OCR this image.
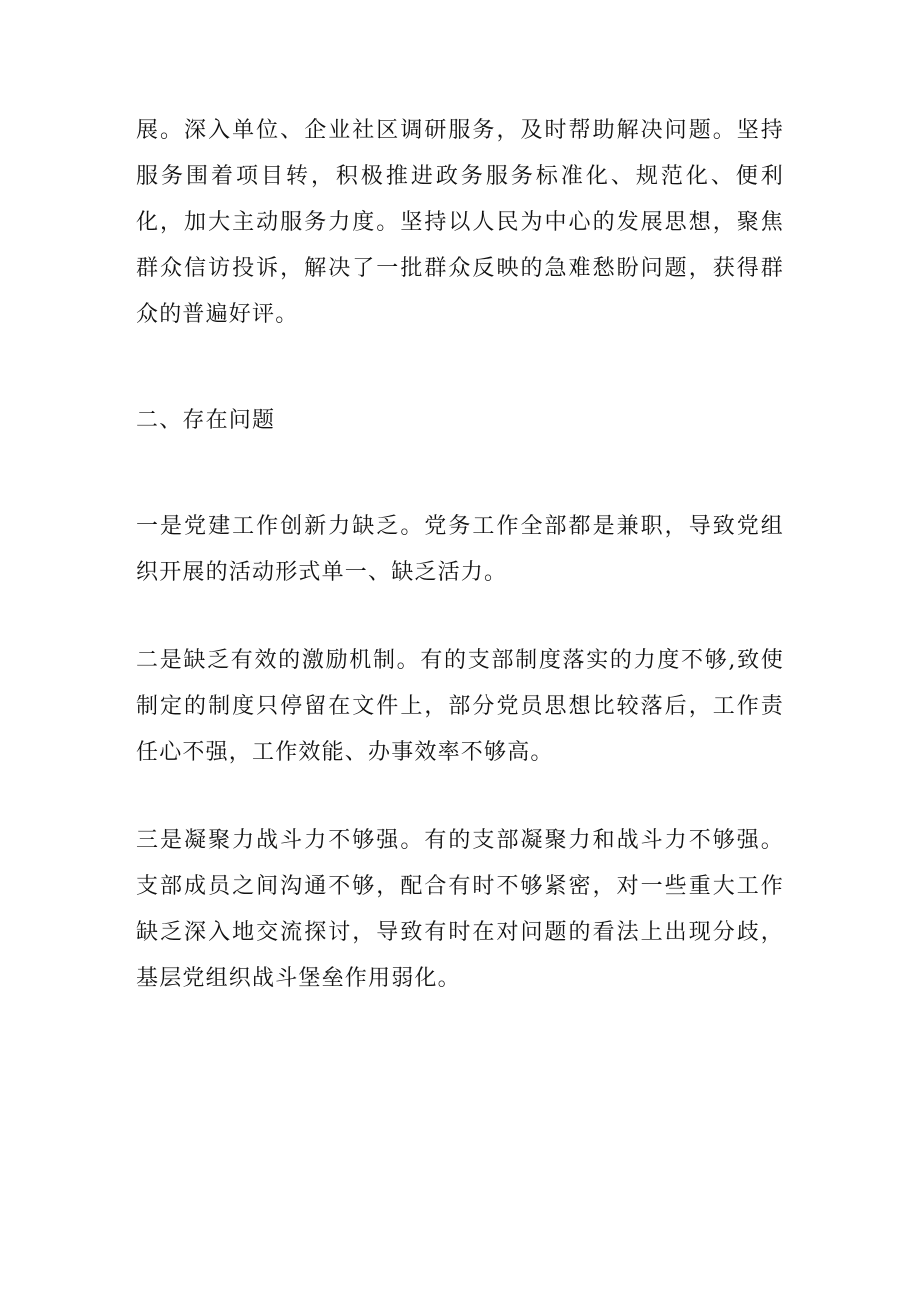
展。深入单位、企业社区调研服务，及时帮助解决问题。坚持服务围着项目转，积极推进政务服务标准化、规范化、便利化，加大主动服务力度。坚持以人民为中心的发展思想，聚焦群众信访投诉，解决了一批群众反映的急难愁盼问题，获得群众的普遍好评。

二、存在问题

一是党建工作创新力缺乏。党务工作全部都是兼职，导致党组织开展的活动形式单一、缺乏活力。

二是缺乏有效的激励机制。有的支部制度落实的力度不够,致使制定的制度只停留在文件上，部分党员思想比较落后，工作责任心不强，工作效能、办事效率不够高。

三是凝聚力战斗力不够强。有的支部凝聚力和战斗力不够强。支部成员之间沟通不够，配合有时不够紧密，对一些重大工作缺乏深入地交流探讨，导致有时在对问题的看法上出现分歧，基层党组织战斗堡垒作用弱化。
